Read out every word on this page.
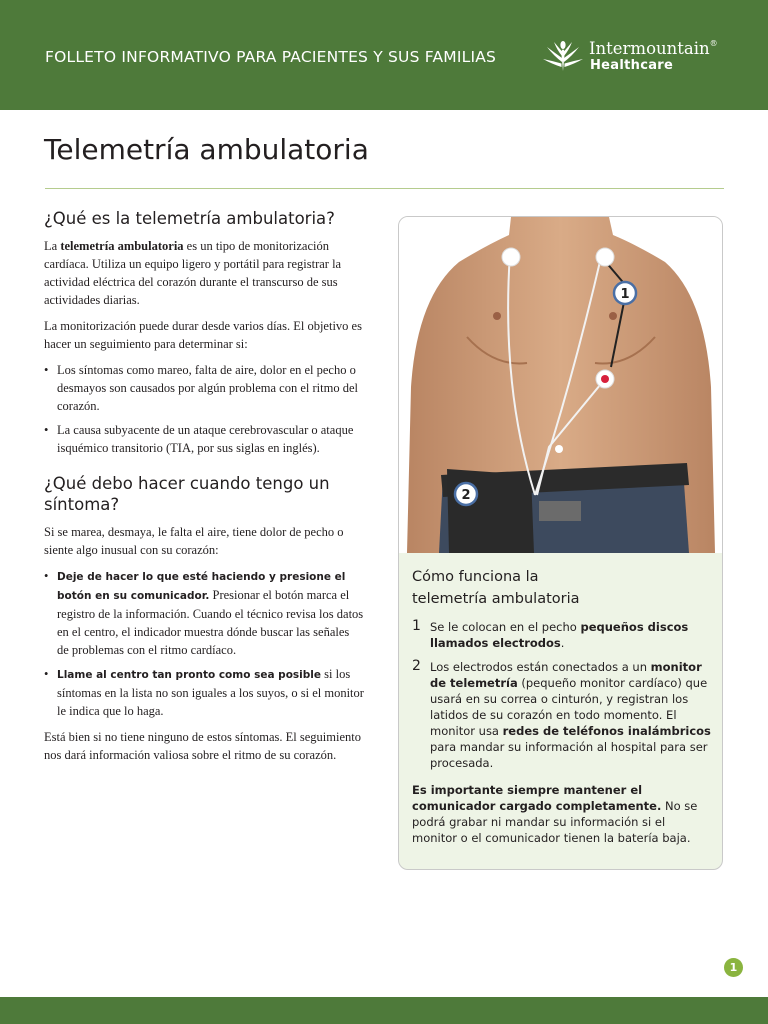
FOLLETO INFORMATIVO PARA PACIENTES Y SUS FAMILIAS	Intermountain®
Healthcare
Telemetría ambulatoria
¿Qué es la telemetría ambulatoria?

La telemetría ambulatoria es un tipo de monitorización cardíaca. Utiliza un equipo ligero y portátil para registrar la actividad eléctrica del corazón durante el transcurso de sus actividades diarias.

La monitorización puede durar desde varios días. El objetivo es hacer un seguimiento para determinar si:

• Los síntomas como mareo, falta de aire, dolor en el pecho o desmayos son causados por algún problema con el ritmo del corazón.
• La causa subyacente de un ataque cerebrovascular o ataque isquémico transitorio (TIA, por sus siglas en inglés).
¿Qué debo hacer cuando tengo un síntoma?

Si se marea, desmaya, le falta el aire, tiene dolor de pecho o siente algo inusual con su corazón:

• Deje de hacer lo que esté haciendo y presione el botón en su comunicador. Presionar el botón marca el registro de la información. Cuando el técnico revisa los datos en el centro, el indicador muestra dónde buscar las señales de problemas con el ritmo cardíaco.
• Llame al centro tan pronto como sea posible si los síntomas en la lista no son iguales a los suyos, o si el monitor le indica que lo haga.

Está bien si no tiene ninguno de estos síntomas. El seguimiento nos dará información valiosa sobre el ritmo de su corazón.

1
2
Cómo funciona la
telemetría ambulatoria
1 Se le colocan en el pecho pequeños discos llamados electrodos.
2 Los electrodos están conectados a un monitor de telemetría (pequeño monitor cardíaco) que usará en su correa o cinturón, y registran los latidos de su corazón en todo momento. El monitor usa redes de teléfonos inalámbricos para mandar su información al hospital para ser procesada.
Es importante siempre mantener el comunicador cargado completamente. No se podrá grabar ni mandar su información si el monitor o el comunicador tienen la batería baja.
1
